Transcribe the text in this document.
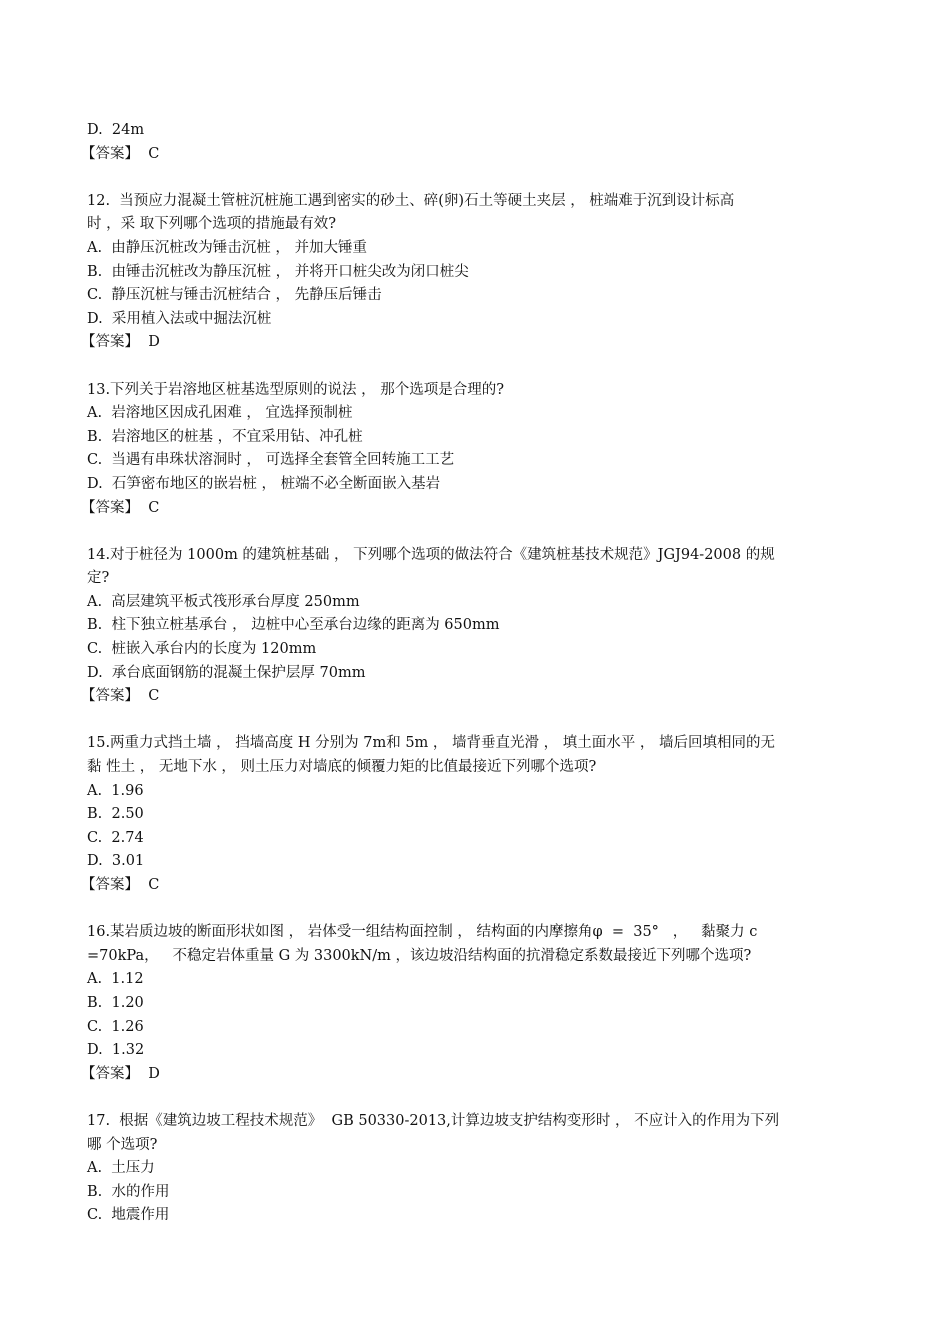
D.  24m
【答案】  C
12.  当预应力混凝土管桩沉桩施工遇到密实的砂土、碎(卵)石土等硬土夹层 ， 桩端难于沉到设计标高
时 ，采 取下列哪个选项的措施最有效?
A.  由静压沉桩改为锤击沉桩 ， 并加大锤重
B.  由锤击沉桩改为静压沉桩 ， 并将开口桩尖改为闭口桩尖
C.  静压沉桩与锤击沉桩结合 ， 先静压后锤击
D.  采用植入法或中掘法沉桩
【答案】  D
13.下列关于岩溶地区桩基选型原则的说法 ， 那个选项是合理的?
A.  岩溶地区因成孔困难 ， 宜选择预制桩
B.  岩溶地区的桩基 ，不宜采用钻、冲孔桩
C.  当遇有串珠状溶洞时 ， 可选择全套管全回转施工工艺
D.  石笋密布地区的嵌岩桩 ， 桩端不必全断面嵌入基岩
【答案】  C
14.对于桩径为 1000m 的建筑桩基础 ， 下列哪个选项的做法符合《建筑桩基技术规范》JGJ94-2008 的规
定?
A.  高层建筑平板式筏形承台厚度 250mm
B.  柱下独立桩基承台 ， 边桩中心至承台边缘的距离为 650mm
C.  桩嵌入承台内的长度为 120mm
D.  承台底面钢筋的混凝土保护层厚 70mm
【答案】  C
15.两重力式挡土墙 ， 挡墙高度 H 分别为 7m和 5m ， 墙背垂直光滑 ， 填土面水平 ， 墙后回填相同的无
黏 性土 ， 无地下水 ， 则土压力对墙底的倾覆力矩的比值最接近下列哪个选项?
A.  1.96
B.  2.50
C.  2.74
D.  3.01
【答案】  C
16.某岩质边坡的断面形状如图 ， 岩体受一组结构面控制 ， 结构面的内摩擦角φ  =  35°   ，   黏聚力 c
=70kPa，   不稳定岩体重量 G 为 3300kN/m ，该边坡沿结构面的抗滑稳定系数最接近下列哪个选项?
A.  1.12
B.  1.20
C.  1.26
D.  1.32
【答案】  D
17.  根据《建筑边坡工程技术规范》  GB 50330-2013,计算边坡支护结构变形时 ， 不应计入的作用为下列
哪 个选项?
A.  土压力
B.  水的作用
C.  地震作用
